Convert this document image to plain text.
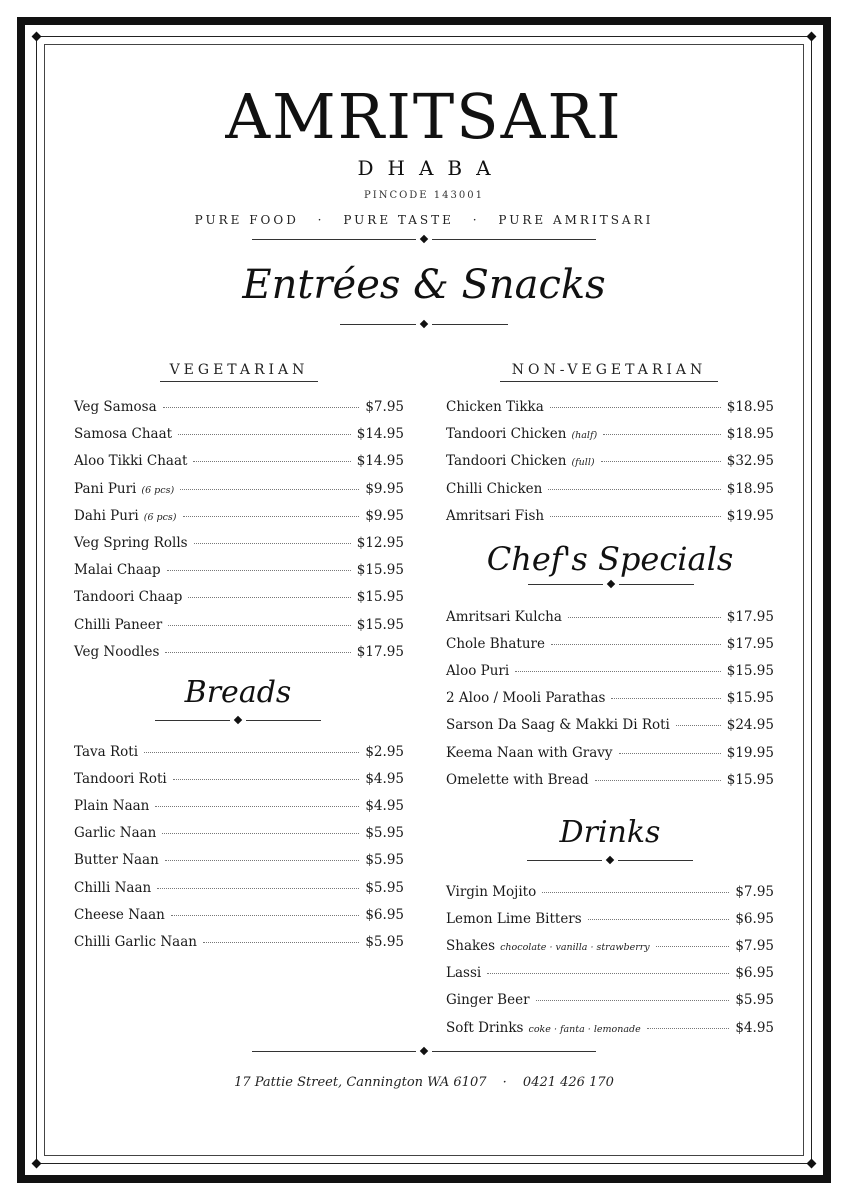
AMRITSARI
DHABA
PINCODE 143001
PURE FOOD · PURE TASTE · PURE AMRITSARI
Entrées & Snacks
VEGETARIAN	NON-VEGETARIAN
Veg Samosa	$7.95
Samosa Chaat	$14.95
Aloo Tikki Chaat	$14.95
Pani Puri (6 pcs)	$9.95
Dahi Puri (6 pcs)	$9.95
Veg Spring Rolls	$12.95
Malai Chaap	$15.95
Tandoori Chaap	$15.95
Chilli Paneer	$15.95
Veg Noodles	$17.95
Breads
Tava Roti	$2.95
Tandoori Roti	$4.95
Plain Naan	$4.95
Garlic Naan	$5.95
Butter Naan	$5.95
Chilli Naan	$5.95
Cheese Naan	$6.95
Chilli Garlic Naan	$5.95
Chicken Tikka	$18.95
Tandoori Chicken (half)	$18.95
Tandoori Chicken (full)	$32.95
Chilli Chicken	$18.95
Amritsari Fish	$19.95
Chef's Specials
Amritsari Kulcha	$17.95
Chole Bhature	$17.95
Aloo Puri	$15.95
2 Aloo / Mooli Parathas	$15.95
Sarson Da Saag & Makki Di Roti	$24.95
Keema Naan with Gravy	$19.95
Omelette with Bread	$15.95
Drinks
Virgin Mojito	$7.95
Lemon Lime Bitters	$6.95
Shakes chocolate · vanilla · strawberry	$7.95
Lassi	$6.95
Ginger Beer	$5.95
Soft Drinks coke · fanta · lemonade	$4.95
17 Pattie Street, Cannington WA 6107 · 0421 426 170
